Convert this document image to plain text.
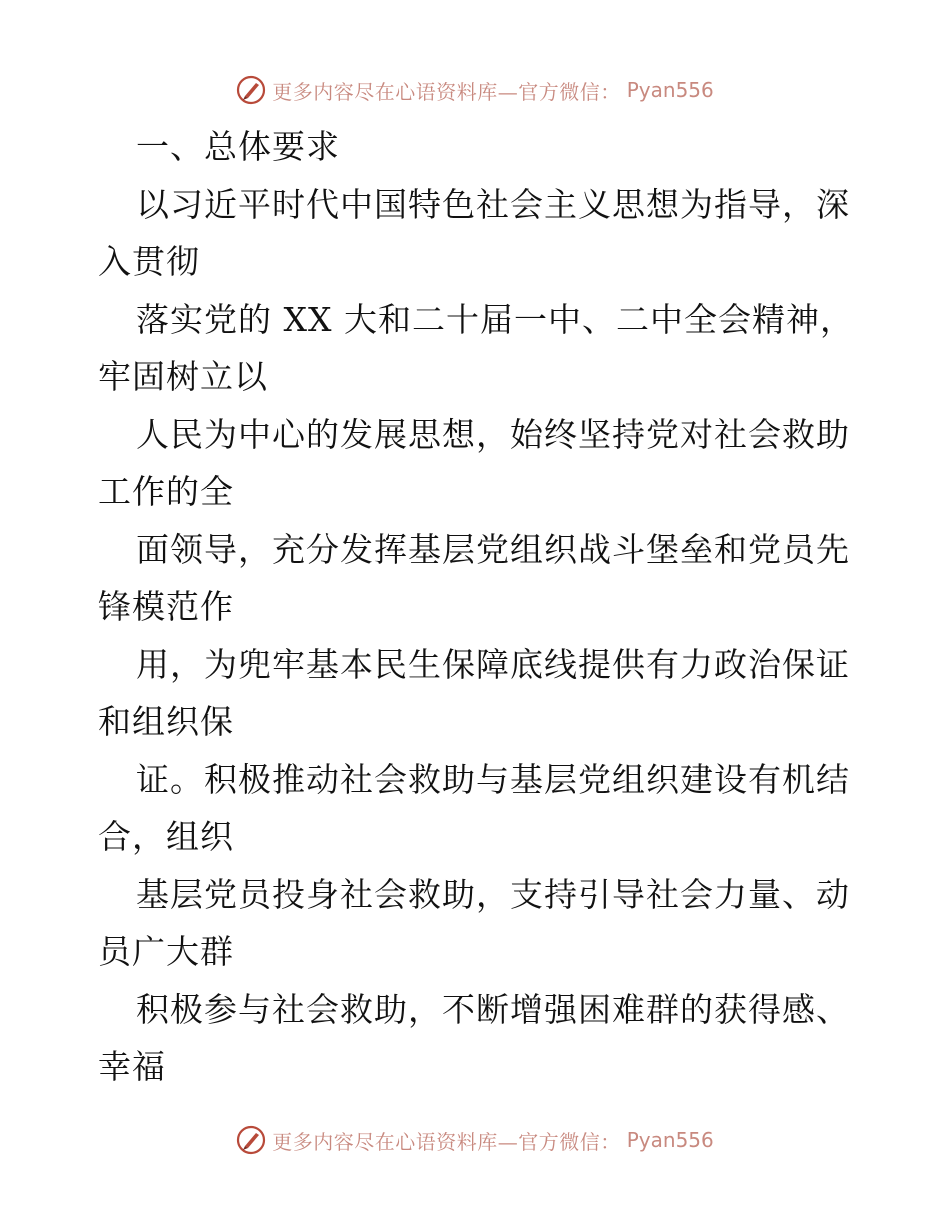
更多内容尽在心语资料库—官方微信： Pyan556
一、总体要求
以习近平时代中国特色社会主义思想为指导，深
入贯彻
落实党的 XX 大和二十届一中、二中全会精神，
牢固树立以
人民为中心的发展思想，始终坚持党对社会救助
工作的全
面领导，充分发挥基层党组织战斗堡垒和党员先
锋模范作
用，为兜牢基本民生保障底线提供有力政治保证
和组织保
证。积极推动社会救助与基层党组织建设有机结
合，组织
基层党员投身社会救助，支持引导社会力量、动
员广大群
积极参与社会救助，不断增强困难群的获得感、
幸福
更多内容尽在心语资料库—官方微信： Pyan556
